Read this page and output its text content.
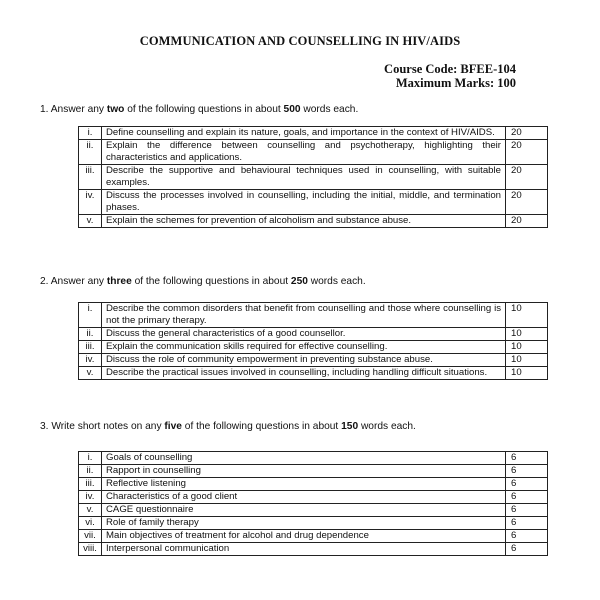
COMMUNICATION AND COUNSELLING IN HIV/AIDS
Course Code: BFEE-104
Maximum Marks: 100
1. Answer any two of the following questions in about 500 words each.
i.	Define counselling and explain its nature, goals, and importance in the context of HIV/AIDS.	20
ii.	Explain the difference between counselling and psychotherapy, highlighting their characteristics and applications.	20
iii.	Describe the supportive and behavioural techniques used in counselling, with suitable examples.	20
iv.	Discuss the processes involved in counselling, including the initial, middle, and termination phases.	20
v.	Explain the schemes for prevention of alcoholism and substance abuse.	20
2. Answer any three of the following questions in about 250 words each.
i.	Describe the common disorders that benefit from counselling and those where counselling is not the primary therapy.	10
ii.	Discuss the general characteristics of a good counsellor.	10
iii.	Explain the communication skills required for effective counselling.	10
iv.	Discuss the role of community empowerment in preventing substance abuse.	10
v.	Describe the practical issues involved in counselling, including handling difficult situations.	10
3. Write short notes on any five of the following questions in about 150 words each.
i.	Goals of counselling	6
ii.	Rapport in counselling	6
iii.	Reflective listening	6
iv.	Characteristics of a good client	6
v.	CAGE questionnaire	6
vi.	Role of family therapy	6
vii.	Main objectives of treatment for alcohol and drug dependence	6
viii.	Interpersonal communication	6
